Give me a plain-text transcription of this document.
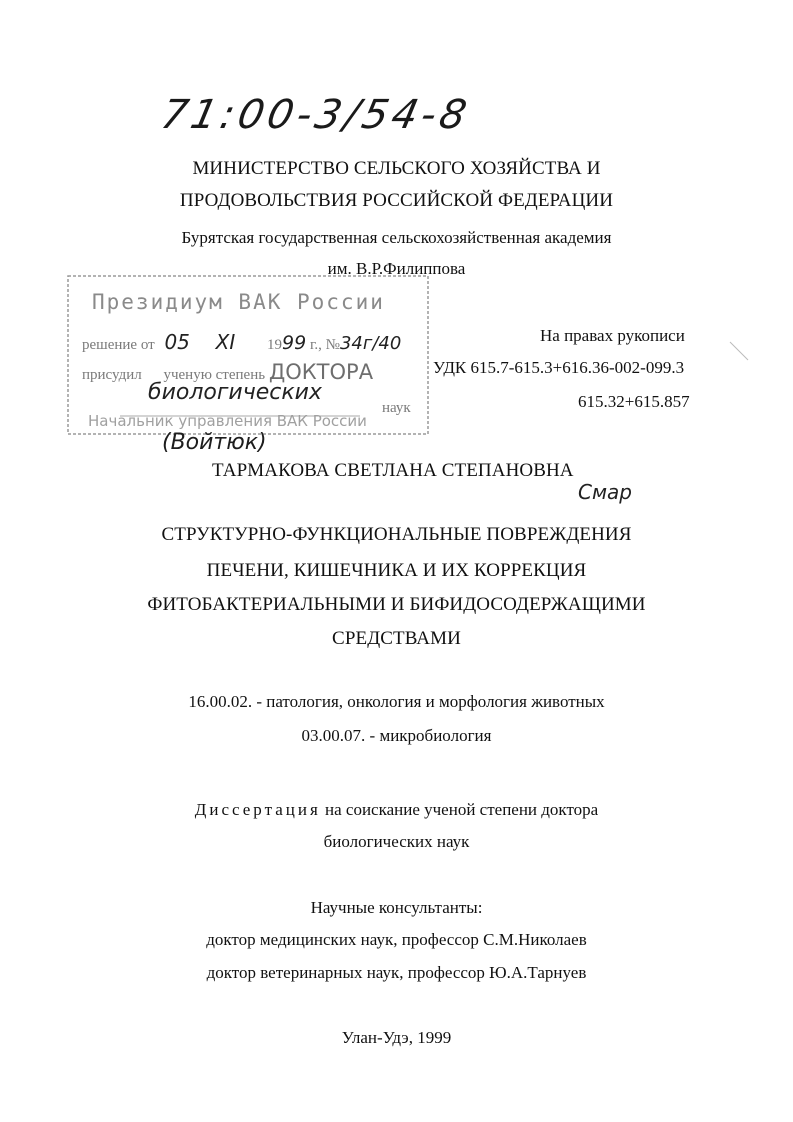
71:00-3/54-8
МИНИСТЕРСТВО СЕЛЬСКОГО ХОЗЯЙСТВА И
ПРОДОВОЛЬСТВИЯ РОССИЙСКОЙ ФЕДЕРАЦИИ
Бурятская государственная сельскохозяйственная академия
им. В.Р.Филиппова
Президиум ВАК России
решение от 05 XI 1999 г., №34г/40
присудил ученую степень ДОКТОРА
биологических
наук
Начальник управления ВАК России
(Войтюк)
На правах рукописи
УДК 615.7-615.3+616.36-002-099.3
615.32+615.857
ТАРМАКОВА СВЕТЛАНА СТЕПАНОВНА
Смар
СТРУКТУРНО-ФУНКЦИОНАЛЬНЫЕ ПОВРЕЖДЕНИЯ
ПЕЧЕНИ, КИШЕЧНИКА И ИХ КОРРЕКЦИЯ
ФИТОБАКТЕРИАЛЬНЫМИ И БИФИДОСОДЕРЖАЩИМИ
СРЕДСТВАМИ
16.00.02. - патология, онкология и морфология животных
03.00.07. - микробиология
Диссертация на соискание ученой степени доктора
биологических наук
Научные консультанты:
доктор медицинских наук, профессор С.М.Николаев
доктор ветеринарных наук, профессор Ю.А.Тарнуев
Улан-Удэ, 1999
